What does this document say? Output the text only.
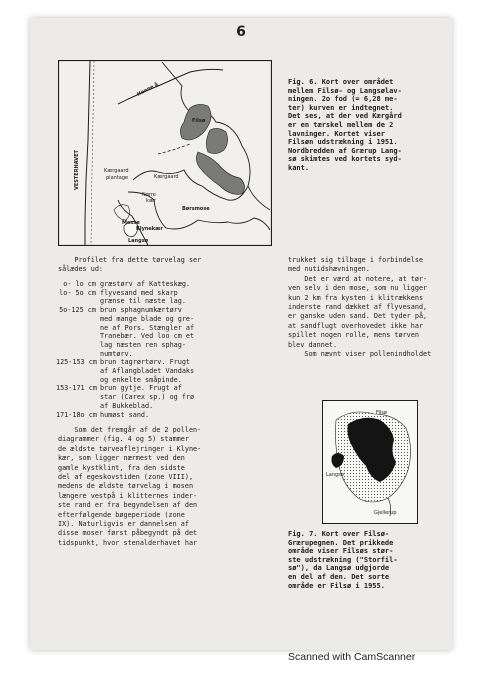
6
Henne å
VESTERHAVET
Filsø
Kærgaard
plantage	Kærgaard
Nørre
kær
Børsmose
Mosse
Klynekær
Langsø
Fig. 6. Kort over området
mellem Filsø- og Langsølav-
ningen. 2o fod (= 6,28 me-
ter) kurven er indtegnet.
Det ses, at der ved Kærgård
er en tærskel mellem de 2
lavninger. Kortet viser
Filsøn udstrækning i 1951.
Nordbredden af Grærup Lang-
sø skimtes ved kortets syd-
kant.
Profilet fra dette tørvelag ser
sålædes ud:
o- lo cm græstørv af Katteskæg.
lo- 5o cm flyvesand med skarp
grænse til næste lag.
5o-125 cm brun sphagnumkærtørv
med mange blade og gre-
ne af Pors. Stængler af
Tranebær. Ved loo cm et
lag næsten ren sphag-
numtørv.
125-153 cm brun tagrørtørv. Frugt
af Aflangbladet Vandaks
og enkelte småpinde.
153-171 cm brun gytje. Frugt af
star (Carex sp.) og frø
af Bukkeblad.
171-18o cm humøst sand.
Som det fremgår af de 2 pollen-
diagrammer (fig. 4 og 5) stammer
de ældste tørveaflejringer i Klyne-
kær, som ligger nærmest ved den
gamle kystklint, fra den sidste
del af egeskovstiden (zone VIII),
medens de ældste tørvelag i mosen
længere vestpå i klitternes inder-
ste rand er fra begyndelsen af den
efterfølgende bøgeperiode (zone
IX). Naturligvis er dannelsen af
disse moser først påbegyndt på det
tidspunkt, hvor stenalderhavet har
trukket sig tilbage i forbindelse
med nutidshævningen.
Det er værd at notere, at tør-
ven selv i den mose, som nu ligger
kun 2 km fra kysten i klitrækkens
inderste rand dækket af flyvesand,
er ganske uden sand. Det tyder på,
at sandflugt overhovedet ikke har
spillet nogen rolle, mens tørven
blev dannet.
Som nævnt viser pollenindholdet
Filsø
Langsø
Gjellerup
Fig. 7. Kort over Filsø-
Grærupegnen. Det prikkede
område viser Filsøs stør-
ste udstrækning ("Storfil-
sø"), da Langsø udgjorde
en del af den. Det sorte
område er Filsø i 1955.
Scanned with CamScanner
